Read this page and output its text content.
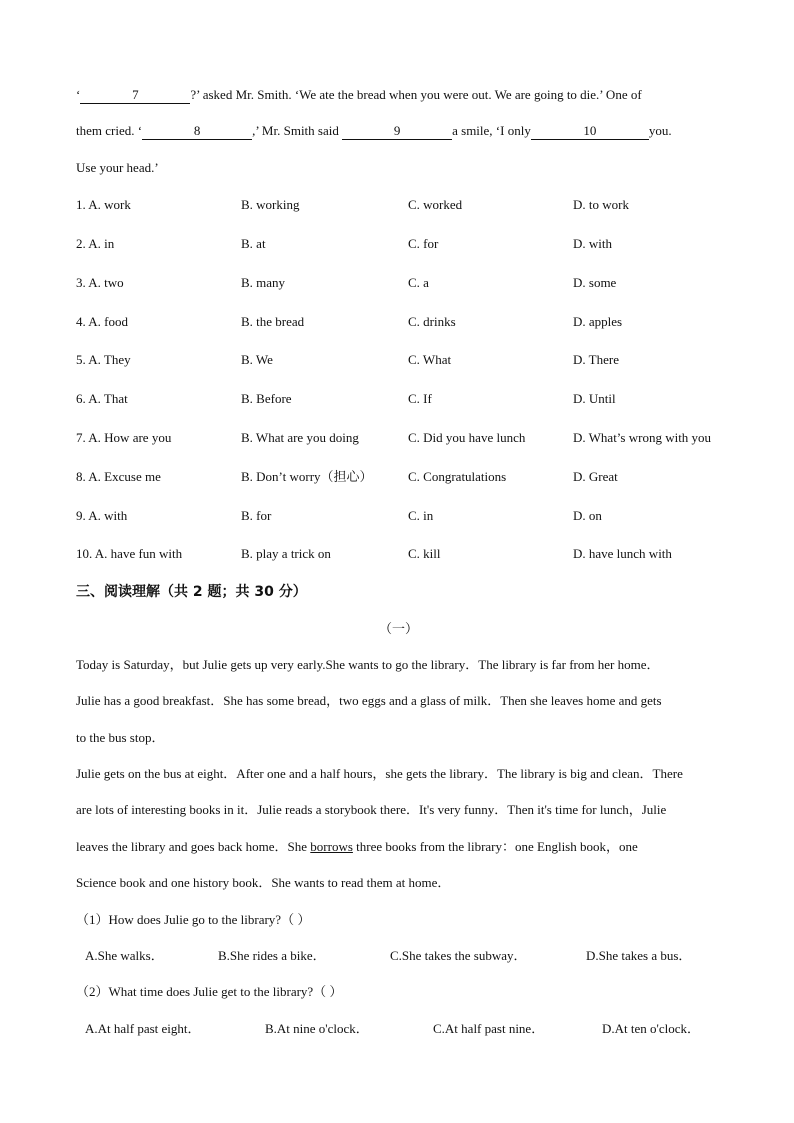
‘	7	?’ asked Mr. Smith. ‘We ate the bread when you were out. We are going to die.’ One of
them cried. ‘	8	,’ Mr. Smith said	9	a smile, ‘I only	10	you.
Use your head.’
1. A. work	B. working	C. worked	D. to work
2. A. in	B. at	C. for	D. with
3. A. two	B. many	C. a	D. some
4. A. food	B. the bread	C. drinks	D. apples
5. A. They	B. We	C. What	D. There
6. A. That	B. Before	C. If	D. Until
7. A. How are you	B. What are you doing	C. Did you have lunch	D. What’s wrong with you
8. A. Excuse me	B. Don’t worry（担心）	C. Congratulations	D. Great
9. A. with	B. for	C. in	D. on
10. A. have fun with	B. play a trick on	C. kill	D. have lunch with
三、阅读理解（共 2 题；共 30 分）
（一）
Today is Saturday，but Julie gets up very early.She wants to go the library．The library is far from her home．
Julie has a good breakfast．She has some bread，two eggs and a glass of milk．Then she leaves home and gets
to the bus stop．
Julie gets on the bus at eight．After one and a half hours，she gets the library．The library is big and clean．There
are lots of interesting books in it．Julie reads a storybook there．It's very funny．Then it's time for lunch，Julie
leaves the library and goes back home．She borrows three books from the library：one English book，one
Science book and one history book．She wants to read them at home．
（1）How does Julie go to the library?（ ）
A.She walks．	B.She rides a bike．	C.She takes the subway．	D.She takes a bus．
（2）What time does Julie get to the library?（ ）
A.At half past eight．	B.At nine o'clock．	C.At half past nine．	D.At ten o'clock．
